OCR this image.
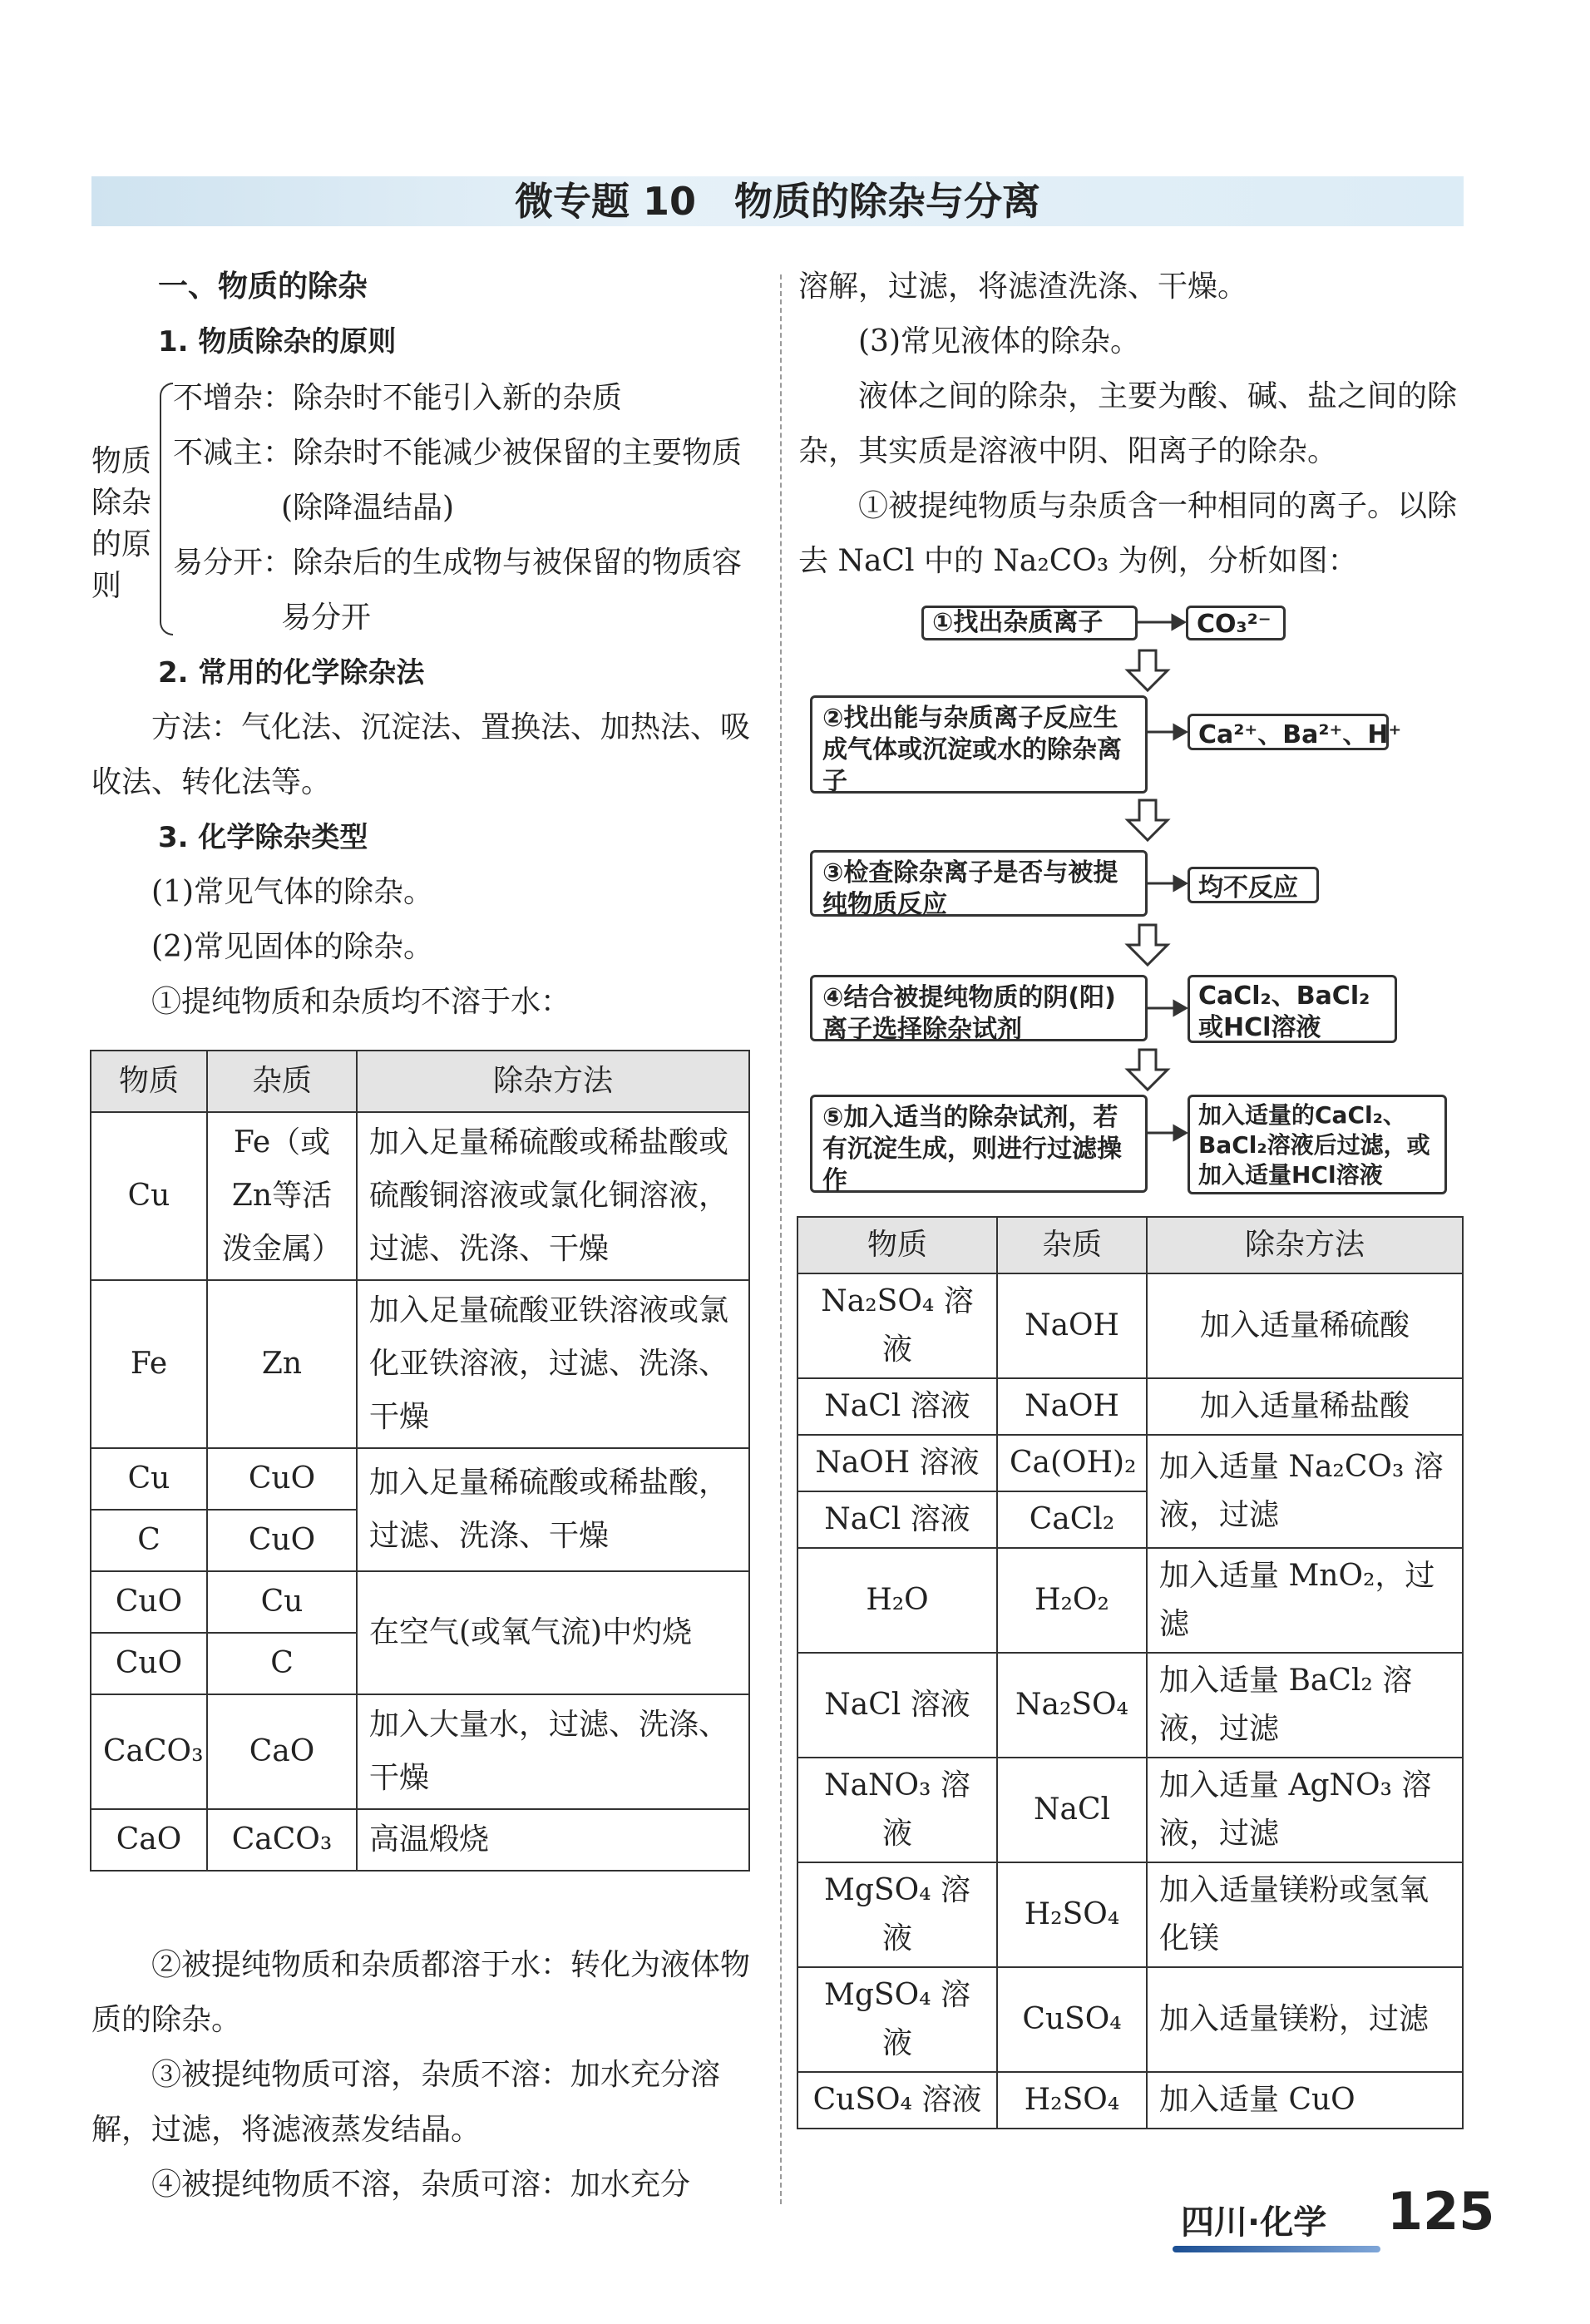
微专题 10　物质的除杂与分离

一、物质的除杂

1. 物质除杂的原则

物质
除杂
的原
则

不增杂：除杂时不能引入新的杂质

不减主：除杂时不能减少被保留的主要物质

(除降温结晶)

易分开：除杂后的生成物与被保留的物质容

易分开

2. 常用的化学除杂法

方法：气化法、沉淀法、置换法、加热法、吸收法、转化法等。

3. 化学除杂类型

(1)常见气体的除杂。

(2)常见固体的除杂。

①提纯物质和杂质均不溶于水：

物质	杂质	除杂方法
Cu	Fe（或Zn等活泼金属）	加入足量稀硫酸或稀盐酸或硫酸铜溶液或氯化铜溶液，过滤、洗涤、干燥
Fe	Zn	加入足量硫酸亚铁溶液或氯化亚铁溶液，过滤、洗涤、干燥
Cu	CuO	加入足量稀硫酸或稀盐酸，过滤、洗涤、干燥
C	CuO	
CuO	Cu	在空气(或氧气流)中灼烧
CuO	C	
CaCO₃	CaO	加入大量水，过滤、洗涤、干燥
CaO	CaCO₃	高温煅烧

②被提纯物质和杂质都溶于水：转化为液体物质的除杂。

③被提纯物质可溶，杂质不溶：加水充分溶解，过滤，将滤液蒸发结晶。

④被提纯物质不溶，杂质可溶：加水充分

溶解，过滤，将滤渣洗涤、干燥。

(3)常见液体的除杂。

液体之间的除杂，主要为酸、碱、盐之间的除杂，其实质是溶液中阴、阳离子的除杂。

①被提纯物质与杂质含一种相同的离子。以除去 NaCl 中的 Na₂CO₃ 为例，分析如图：

①找出杂质离子	CO₃²⁻
②找出能与杂质离子反应生成气体或沉淀或水的除杂离子
Ca²⁺、Ba²⁺、H⁺
③检查除杂离子是否与被提纯物质反应
均不反应
④结合被提纯物质的阴(阳)离子选择除杂试剂
CaCl₂、BaCl₂或HCl溶液
⑤加入适当的除杂试剂，若有沉淀生成，则进行过滤操作
加入适量的CaCl₂、BaCl₂溶液后过滤，或加入适量HCl溶液
物质	杂质	除杂方法
Na₂SO₄ 溶液	NaOH	加入适量稀硫酸
NaCl 溶液	NaOH	加入适量稀盐酸
NaOH 溶液	Ca(OH)₂	加入适量 Na₂CO₃ 溶液，过滤
NaCl 溶液	CaCl₂	
H₂O	H₂O₂	加入适量 MnO₂，过滤
NaCl 溶液	Na₂SO₄	加入适量 BaCl₂ 溶液，过滤
NaNO₃ 溶液	NaCl	加入适量 AgNO₃ 溶液，过滤
MgSO₄ 溶液	H₂SO₄	加入适量镁粉或氢氧化镁
MgSO₄ 溶液	CuSO₄	加入适量镁粉，过滤
CuSO₄ 溶液	H₂SO₄	加入适量 CuO
四川·化学 125
